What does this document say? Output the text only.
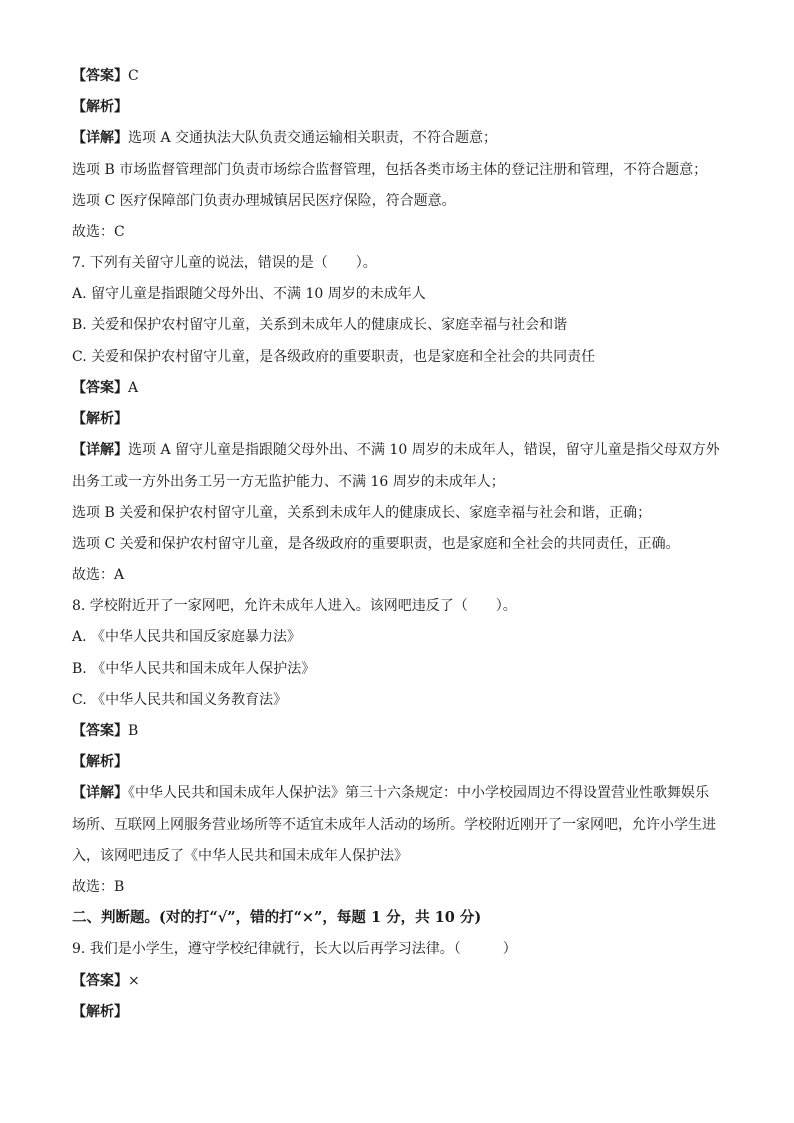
【答案】C
【解析】
【详解】选项 A 交通执法大队负责交通运输相关职责，不符合题意；
选项 B 市场监督管理部门负责市场综合监督管理，包括各类市场主体的登记注册和管理，不符合题意；
选项 C 医疗保障部门负责办理城镇居民医疗保险，符合题意。
故选：C
7. 下列有关留守儿童的说法，错误的是（　　）。
A. 留守儿童是指跟随父母外出、不满 10 周岁的未成年人
B. 关爱和保护农村留守儿童，关系到未成年人的健康成长、家庭幸福与社会和谐
C. 关爱和保护农村留守儿童，是各级政府的重要职责，也是家庭和全社会的共同责任
【答案】A
【解析】
【详解】选项 A 留守儿童是指跟随父母外出、不满 10 周岁的未成年人，错误，留守儿童是指父母双方外
出务工或一方外出务工另一方无监护能力、不满 16 周岁的未成年人；
选项 B 关爱和保护农村留守儿童，关系到未成年人的健康成长、家庭幸福与社会和谐，正确；
选项 C 关爱和保护农村留守儿童，是各级政府的重要职责，也是家庭和全社会的共同责任，正确。
故选：A
8. 学校附近开了一家网吧，允许未成年人进入。该网吧违反了（　　）。
A. 《中华人民共和国反家庭暴力法》
B. 《中华人民共和国未成年人保护法》
C. 《中华人民共和国义务教育法》
【答案】B
【解析】
【详解】《中华人民共和国未成年人保护法》第三十六条规定：中小学校园周边不得设置营业性歌舞娱乐
场所、互联网上网服务营业场所等不适宜未成年人活动的场所。学校附近刚开了一家网吧，允许小学生进
入，该网吧违反了《中华人民共和国未成年人保护法》
故选：B
二、判断题。(对的打“√”，错的打“×”，每题 1 分，共 10 分)
9. 我们是小学生，遵守学校纪律就行，长大以后再学习法律。（　　　）
【答案】×
【解析】
